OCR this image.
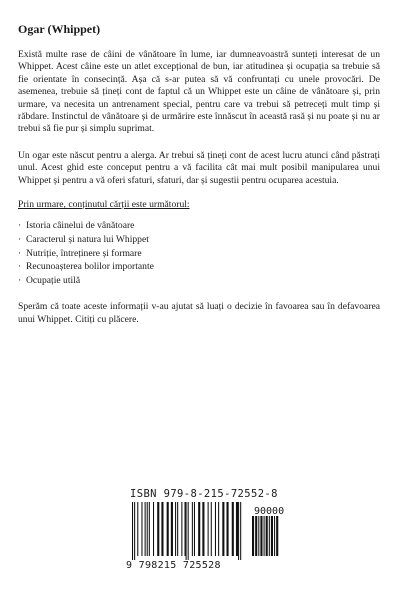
Ogar (Whippet)

Există multe rase de câini de vânătoare în lume, iar dumneavoastră sunteți interesat de un Whippet. Acest câine este un atlet excepțional de bun, iar atitudinea și ocupația sa trebuie să fie orientate în consecință. Așa că s-ar putea să vă confruntați cu unele provocări. De asemenea, trebuie să țineți cont de faptul că un Whippet este un câine de vânătoare și, prin urmare, va necesita un antrenament special, pentru care va trebui să petreceți mult timp și răbdare. Instinctul de vânătoare și de urmărire este înnăscut în această rasă și nu poate și nu ar trebui să fie pur și simplu suprimat.

Un ogar este născut pentru a alerga. Ar trebui să țineți cont de acest lucru atunci când păstrați unul. Acest ghid este conceput pentru a vă facilita cât mai mult posibil manipularea unui Whippet și pentru a vă oferi sfaturi, sfaturi, dar și sugestii pentru ocuparea acestuia.

Prin urmare, conținutul cărții este următorul:
· Istoria câinelui de vânătoare
· Caracterul și natura lui Whippet
· Nutriție, întreținere și formare
· Recunoașterea bolilor importante
· Ocupație utilă

Sperăm că toate aceste informații v-au ajutat să luați o decizie în favoarea sau în defavoarea unui Whippet. Citiți cu plăcere.

ISBN 979-8-215-72552-8
90000
9 798215 725528
